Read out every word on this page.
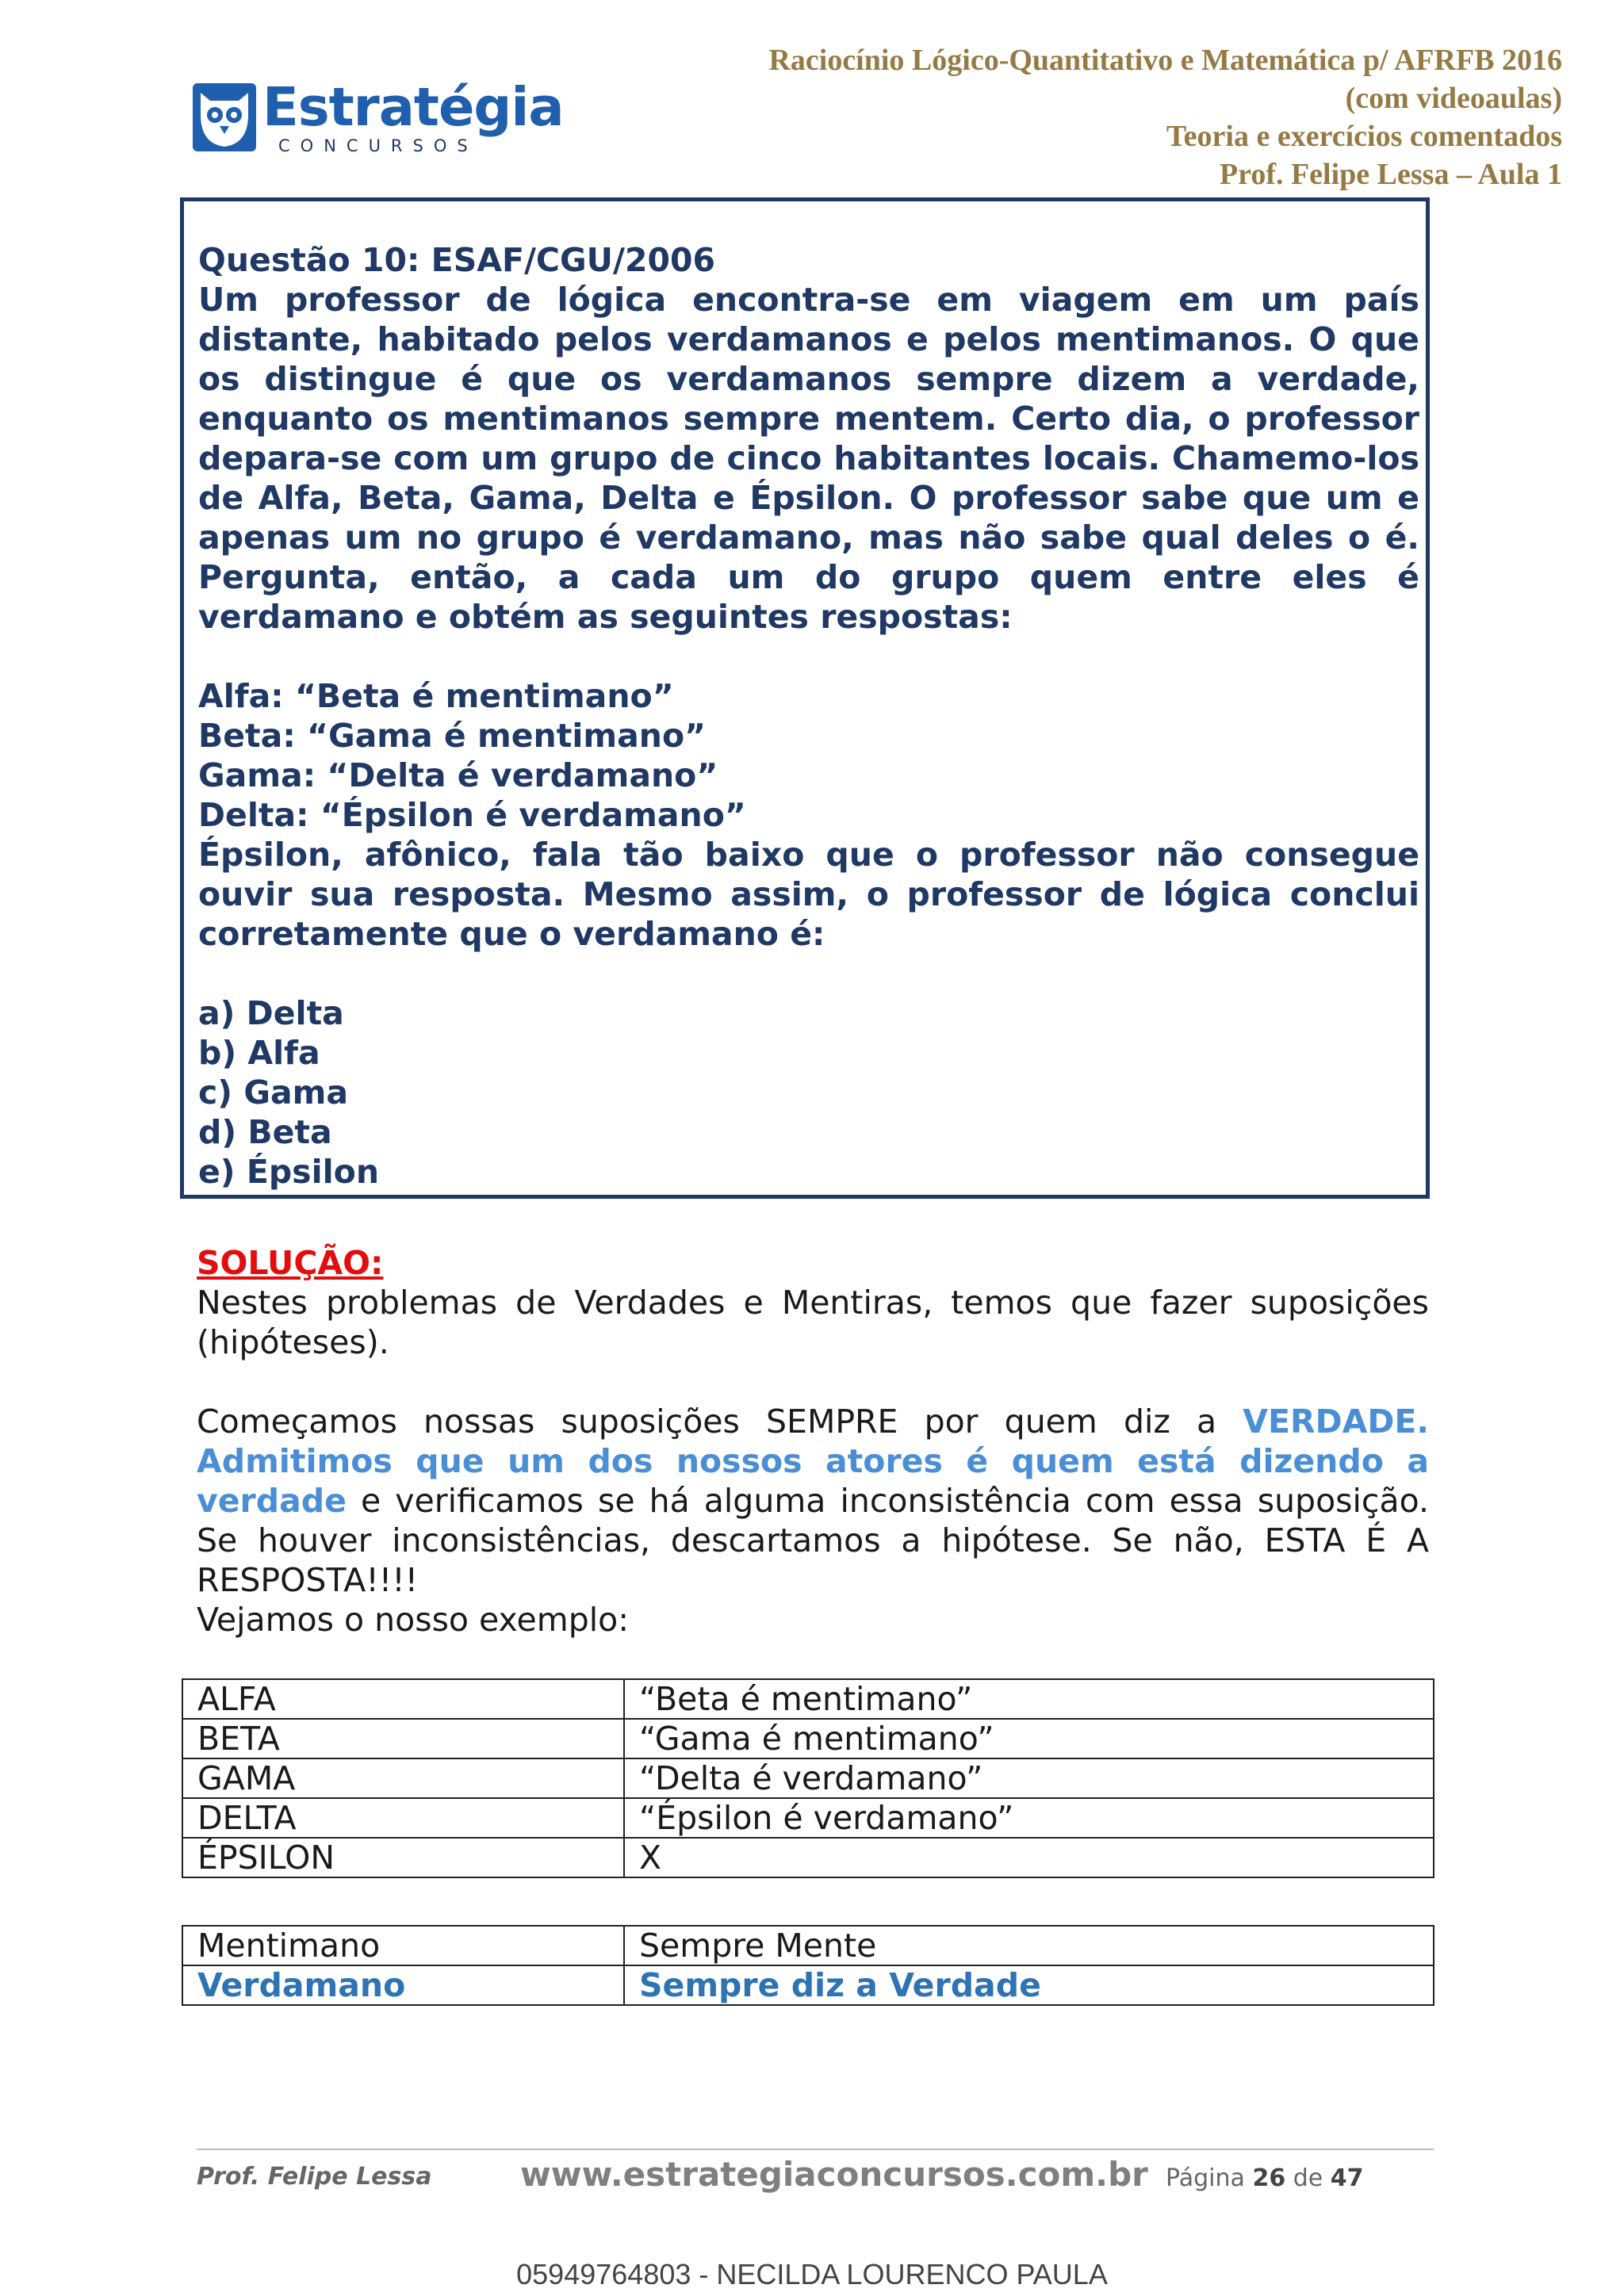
Estratégia
CONCURSOS
Raciocínio Lógico-Quantitativo e Matemática p/ AFRFB 2016
(com videoaulas)
Teoria e exercícios comentados
Prof. Felipe Lessa – Aula 1

Questão 10: ESAF/CGU/2006

Um professor de lógica encontra-se em viagem em um país distante, habitado pelos verdamanos e pelos mentimanos. O que os distingue é que os verdamanos sempre dizem a verdade, enquanto os mentimanos sempre mentem. Certo dia, o professor depara-se com um grupo de cinco habitantes locais. Chamemo-los de Alfa, Beta, Gama, Delta e Épsilon. O professor sabe que um e apenas um no grupo é verdamano, mas não sabe qual deles o é. Pergunta, então, a cada um do grupo quem entre eles é verdamano e obtém as seguintes respostas:

Alfa: “Beta é mentimano”

Beta: “Gama é mentimano”

Gama: “Delta é verdamano”

Delta: “Épsilon é verdamano”

Épsilon, afônico, fala tão baixo que o professor não consegue ouvir sua resposta. Mesmo assim, o professor de lógica conclui corretamente que o verdamano é:

a) Delta

b) Alfa

c) Gama

d) Beta

e) Épsilon

SOLUÇÃO:

Nestes problemas de Verdades e Mentiras, temos que fazer suposições (hipóteses).

Começamos nossas suposições SEMPRE por quem diz a VERDADE. Admitimos que um dos nossos atores é quem está dizendo a verdade e verificamos se há alguma inconsistência com essa suposição. Se houver inconsistências, descartamos a hipótese. Se não, ESTA É A RESPOSTA!!!!

Vejamos o nosso exemplo:

ALFA	“Beta é mentimano”
BETA	“Gama é mentimano”
GAMA	“Delta é verdamano”
DELTA	“Épsilon é verdamano”
ÉPSILON	X
Mentimano	Sempre Mente
Verdamano	Sempre diz a Verdade
Prof. Felipe Lessa	www.estrategiaconcursos.com.br Página 26 de 47
05949764803 - NECILDA LOURENCO PAULA
